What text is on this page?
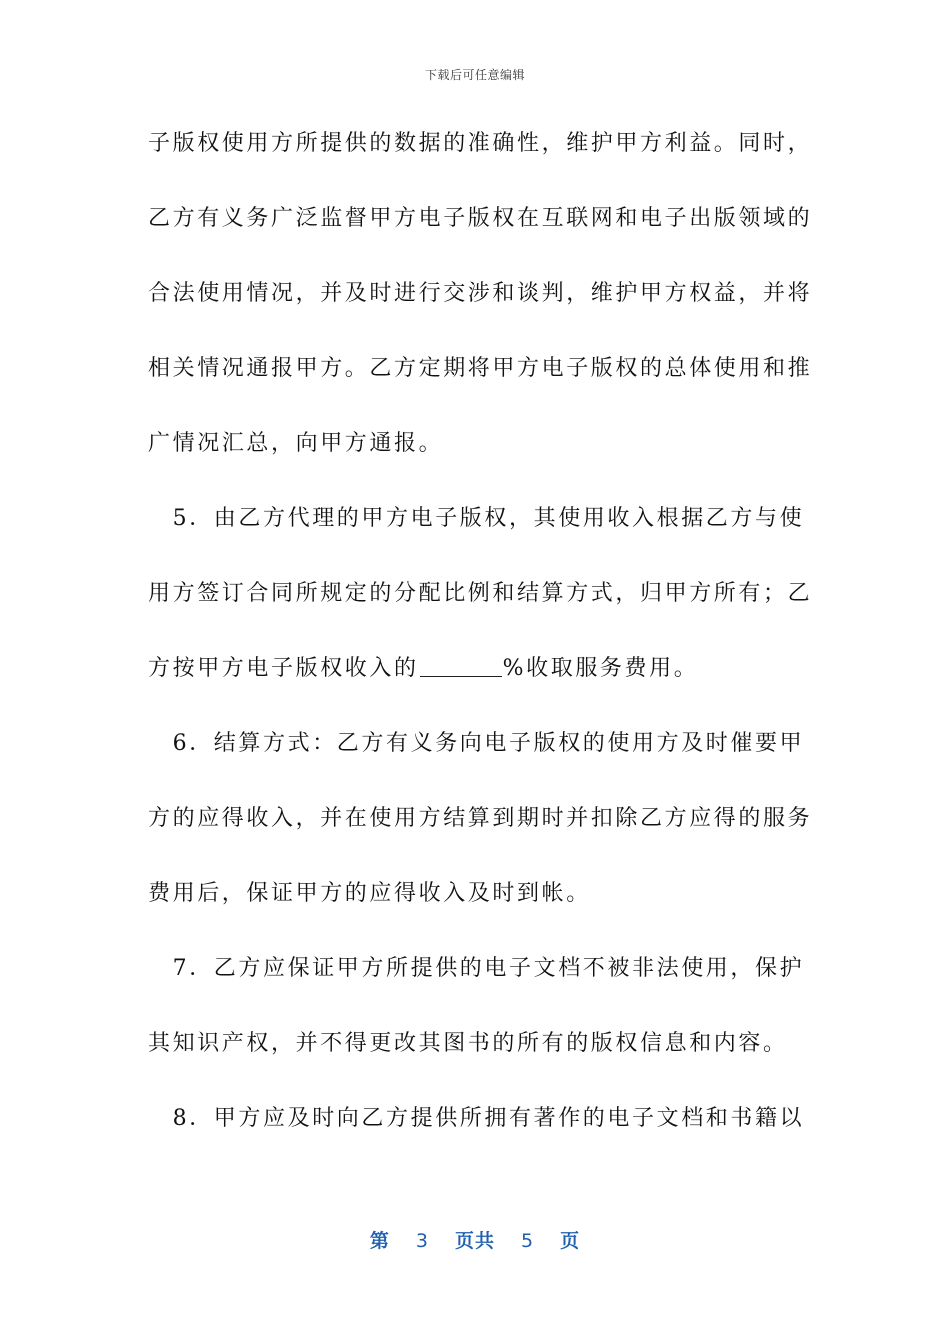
下载后可任意编辑
子版权使用方所提供的数据的准确性，维护甲方利益。同时，
乙方有义务广泛监督甲方电子版权在互联网和电子出版领域的
合法使用情况，并及时进行交涉和谈判，维护甲方权益，并将
相关情况通报甲方。乙方定期将甲方电子版权的总体使用和推
广情况汇总，向甲方通报。
　5．由乙方代理的甲方电子版权，其使用收入根据乙方与使
用方签订合同所规定的分配比例和结算方式，归甲方所有；乙
方按甲方电子版权收入的	%收取服务费用。
　6．结算方式：乙方有义务向电子版权的使用方及时催要甲
方的应得收入，并在使用方结算到期时并扣除乙方应得的服务
费用后，保证甲方的应得收入及时到帐。
　7．乙方应保证甲方所提供的电子文档不被非法使用，保护
其知识产权，并不得更改其图书的所有的版权信息和内容。
　8．甲方应及时向乙方提供所拥有著作的电子文档和书籍以
第 3 页共 5 页
